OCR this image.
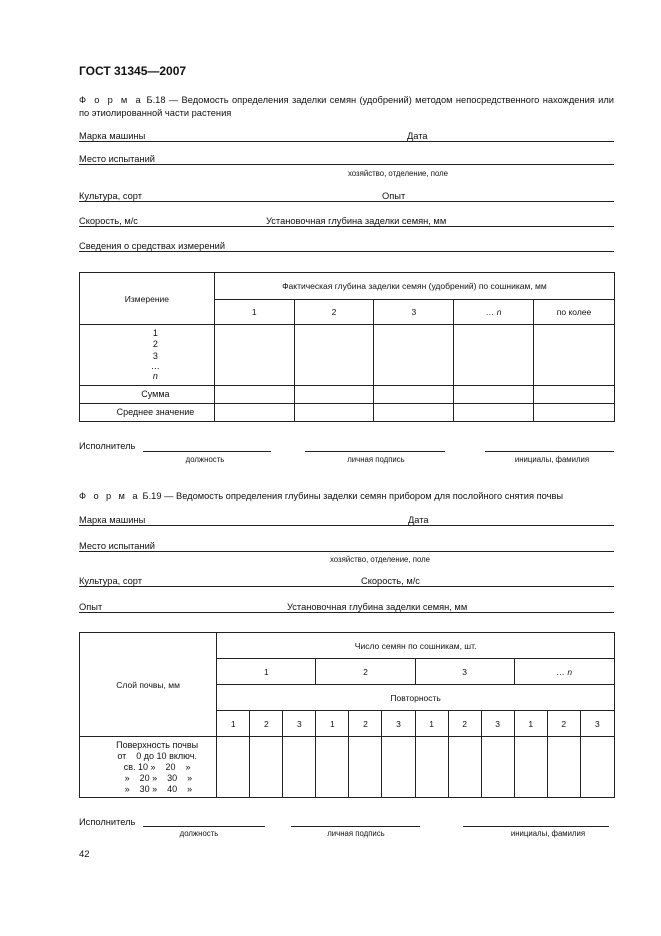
ГОСТ 31345—2007
Ф о р м а Б.18 — Ведомость определения заделки семян (удобрений) методом непосредственного нахождения или по этиолированной части растения
Марка машины	Дата
Место испытаний
хозяйство, отделение, поле
Культура, сорт	Опыт
Скорость, м/с	Установочная глубина заделки семян, мм
Сведения о средствах измерений
Измерение	Фактическая глубина заделки семян (удобрений) по сошникам, мм				
	1	2	3	… n	по колее

1
2
3
…
n					

Сумма					
Среднее значение					
Исполнитель
должность	личная подпись	инициалы, фамилия
Ф о р м а Б.19 — Ведомость определения глубины заделки семян прибором для послойного снятия почвы
Марка машины	Дата
Место испытаний
хозяйство, отделение, поле
Культура, сорт	Скорость, м/с
Опыт	Установочная глубина заделки семян, мм
Слой почвы, мм	Число семян по сошникам, шт.											
	1			2			3			… n		
	Повторность											
	1	2	3	1	2	3	1	2	3	1	2	3

Поверхность почвы
от    0 до 10 включ.
св. 10 »    20    »
»    20 »    30    »
»    30 »    40    »												

Исполнитель
должность	личная подпись	инициалы, фамилия
42
